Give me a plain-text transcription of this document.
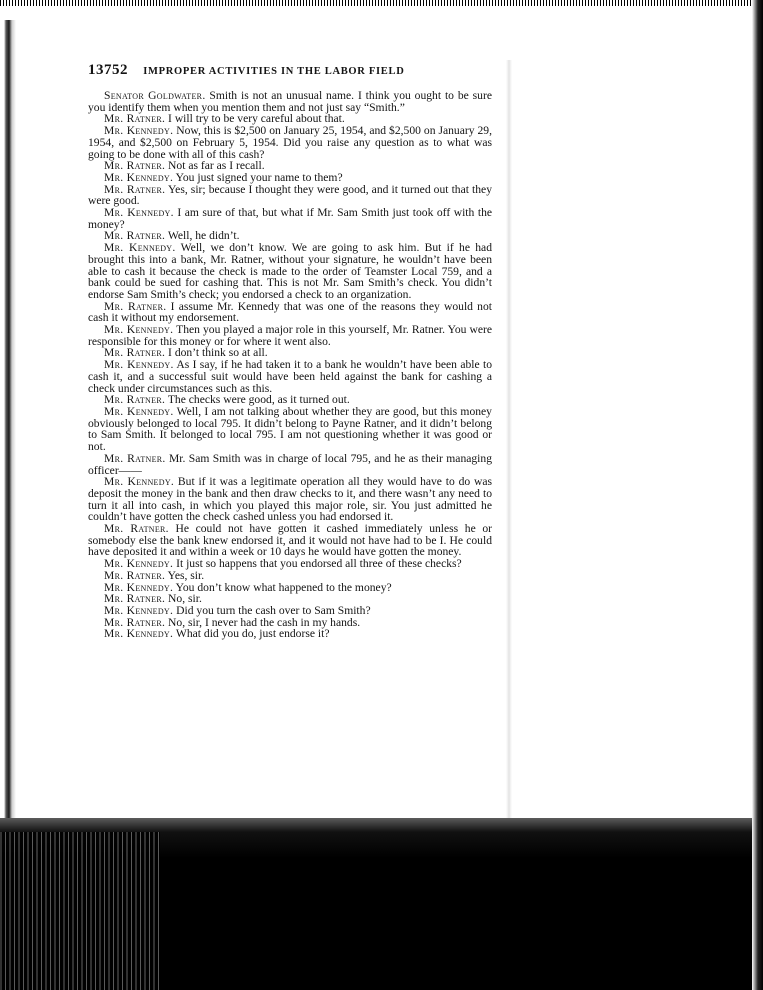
13752 IMPROPER ACTIVITIES IN THE LABOR FIELD

Senator Goldwater. Smith is not an unusual name. I think you ought to be sure you identify them when you mention them and not just say “Smith.”

Mr. Ratner. I will try to be very careful about that.

Mr. Kennedy. Now, this is $2,500 on January 25, 1954, and $2,500 on January 29, 1954, and $2,500 on February 5, 1954. Did you raise any question as to what was going to be done with all of this cash?

Mr. Ratner. Not as far as I recall.

Mr. Kennedy. You just signed your name to them?

Mr. Ratner. Yes, sir; because I thought they were good, and it turned out that they were good.

Mr. Kennedy. I am sure of that, but what if Mr. Sam Smith just took off with the money?

Mr. Ratner. Well, he didn’t.

Mr. Kennedy. Well, we don’t know. We are going to ask him. But if he had brought this into a bank, Mr. Ratner, without your signature, he wouldn’t have been able to cash it because the check is made to the order of Teamster Local 759, and a bank could be sued for cashing that. This is not Mr. Sam Smith’s check. You didn’t endorse Sam Smith’s check; you endorsed a check to an organization.

Mr. Ratner. I assume Mr. Kennedy that was one of the reasons they would not cash it without my endorsement.

Mr. Kennedy. Then you played a major role in this yourself, Mr. Ratner. You were responsible for this money or for where it went also.

Mr. Ratner. I don’t think so at all.

Mr. Kennedy. As I say, if he had taken it to a bank he wouldn’t have been able to cash it, and a successful suit would have been held against the bank for cashing a check under circumstances such as this.

Mr. Ratner. The checks were good, as it turned out.

Mr. Kennedy. Well, I am not talking about whether they are good, but this money obviously belonged to local 795. It didn’t belong to Payne Ratner, and it didn’t belong to Sam Smith. It belonged to local 795. I am not questioning whether it was good or not.

Mr. Ratner. Mr. Sam Smith was in charge of local 795, and he as their managing officer——

Mr. Kennedy. But if it was a legitimate operation all they would have to do was deposit the money in the bank and then draw checks to it, and there wasn’t any need to turn it all into cash, in which you played this major role, sir. You just admitted he couldn’t have gotten the check cashed unless you had endorsed it.

Mr. Ratner. He could not have gotten it cashed immediately unless he or somebody else the bank knew endorsed it, and it would not have had to be I. He could have deposited it and within a week or 10 days he would have gotten the money.

Mr. Kennedy. It just so happens that you endorsed all three of these checks?

Mr. Ratner. Yes, sir.

Mr. Kennedy. You don’t know what happened to the money?

Mr. Ratner. No, sir.

Mr. Kennedy. Did you turn the cash over to Sam Smith?

Mr. Ratner. No, sir, I never had the cash in my hands.

Mr. Kennedy. What did you do, just endorse it?
